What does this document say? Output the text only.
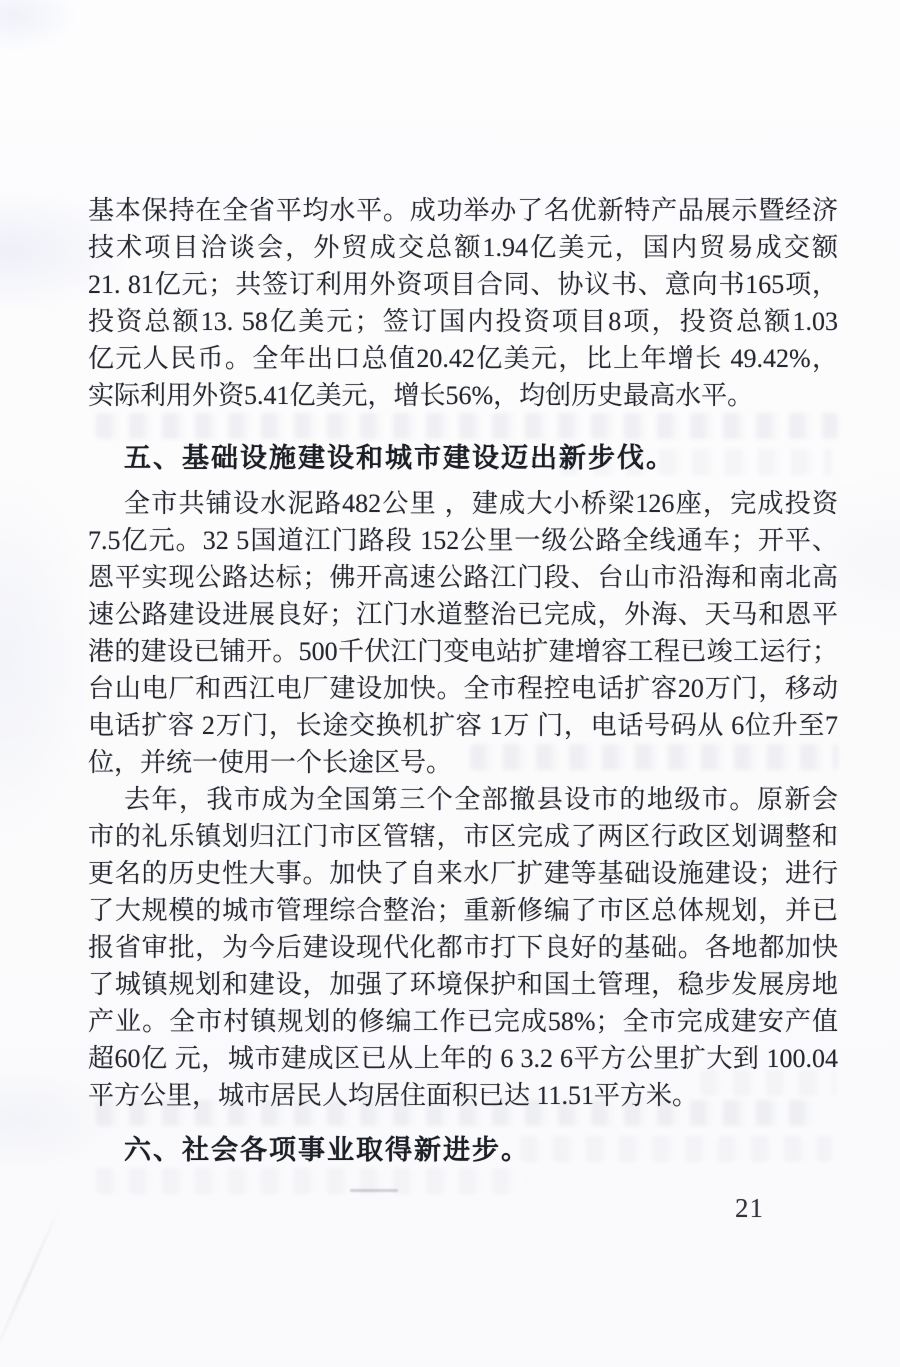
基本保持在全省平均水平。成功举办了名优新特产品展示暨经济
技术项目洽谈会，外贸成交总额1.94亿美元，国内贸易成交额
21. 81亿元；共签订利用外资项目合同、协议书、意向书165项，
投资总额13. 58亿美元；签订国内投资项目8项，投资总额1.03
亿元人民币。全年出口总值20.42亿美元，比上年增长 49.42%，
实际利用外资5.41亿美元，增长56%，均创历史最高水平。
五、基础设施建设和城市建设迈出新步伐。
全市共铺设水泥路482公里 ，建成大小桥梁126座，完成投资
7.5亿元。32 5国道江门路段 152公里一级公路全线通车；开平、
恩平实现公路达标；佛开高速公路江门段、台山市沿海和南北高
速公路建设进展良好；江门水道整治已完成，外海、天马和恩平
港的建设已铺开。500千伏江门变电站扩建增容工程已竣工运行；
台山电厂和西江电厂建设加快。全市程控电话扩容20万门，移动
电话扩容 2万门，长途交换机扩容 1万 门，电话号码从 6位升至7
位，并统一使用一个长途区号。
去年，我市成为全国第三个全部撤县设市的地级市。原新会
市的礼乐镇划归江门市区管辖，市区完成了两区行政区划调整和
更名的历史性大事。加快了自来水厂扩建等基础设施建设；进行
了大规模的城市管理综合整治；重新修编了市区总体规划，并已
报省审批，为今后建设现代化都市打下良好的基础。各地都加快
了城镇规划和建设，加强了环境保护和国土管理，稳步发展房地
产业。全市村镇规划的修编工作已完成58%；全市完成建安产值
超60亿 元，城市建成区已从上年的 6 3.2 6平方公里扩大到 100.04
平方公里，城市居民人均居住面积已达 11.51平方米。
六、社会各项事业取得新进步。
21
